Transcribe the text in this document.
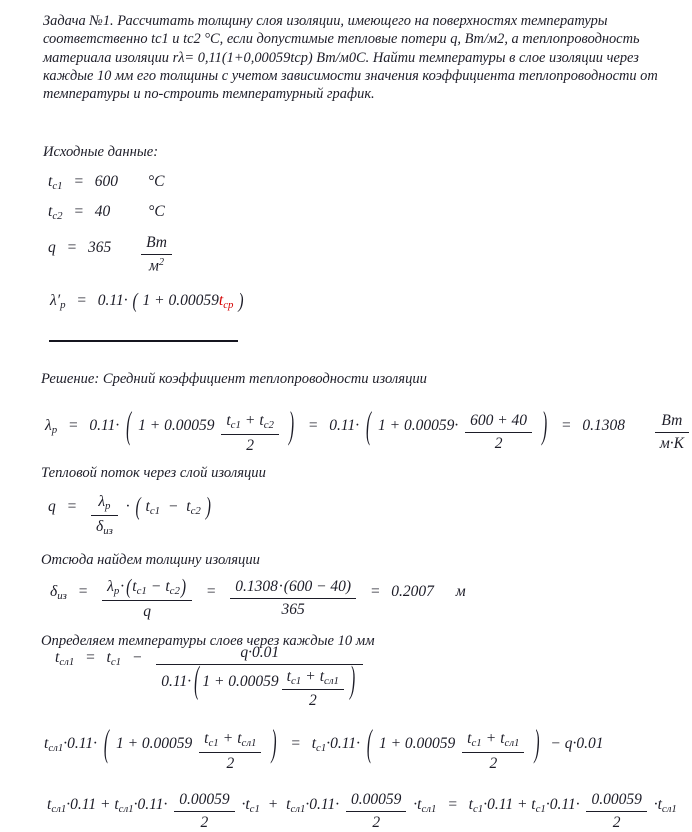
Задача №1. Рассчитать толщину слоя изоляции, имеющего на поверхностях температуры
соответственно tc1 и tc2 °C, если допустимые тепловые потери q, Вт/м2, а теплопроводность
материала изоляции rλ= 0,11(1+0,00059tcp) Вт/м0С. Найти температуры в слое изоляции через
каждые 10 мм его толщины с учетом зависимости значения коэффициента теплопроводности от
температуры и по-строить температурный график.
Исходные данные:
$t_{c1} = 600$ °C
$t_{c2} = 40$ °C
$q = 365 \frac{Вт}{м^2}$
$\lambda'_p = 0.11\cdot$ ( $1 + 0.00059t_{cp}$ )
Решение: Средний коэффициент теплопроводности изоляции
$\lambda_p = 0.11\cdot$ ( $1 + 0.00059 \frac{t_{c1} + t_{c2}}{2}$ ) = 0.11· ( $1 + 0.00059\cdot \frac{600 + 40}{2}$ ) = $0.1308 \frac{Вт}{м\cdot К}$
Тепловой поток через слой изоляции
$q = \frac{\lambda_p}{\delta_{из}}$ · ( $t_{c1} - t_{c2}$ )
Отсюда найдем толщину изоляции
$\delta_{из} = \frac{\lambda_p\cdot (t_{c1} - t_{c2})}{q} = \frac{0.1308\cdot(600 - 40)}{365} = 0.2007$ м
Определяем температуры слоев через каждые 10 мм
$t_{сл1} = t_{c1} - \frac{q\cdot 0.01}{0.11\cdot ( 1 + 0.00059 \frac{t_{c1} + t_{сл1}}{2} )}$
$t_{сл1}\cdot 0.11\cdot$ ( $1 + 0.00059 \frac{t_{c1} + t_{сл1}}{2}$ ) = $t_{c1}\cdot 0.11\cdot$ ( $1 + 0.00059 \frac{t_{c1} + t_{сл1}}{2}$ ) − q·0.01
$t_{сл1}\cdot 0.11 + t_{сл1}\cdot 0.11\cdot \frac{0.00059}{2} \cdot t_{c1} + t_{сл1}\cdot 0.11\cdot \frac{0.00059}{2} \cdot t_{сл1} = t_{c1}\cdot 0.11 + t_{c1}\cdot 0.11\cdot \frac{0.00059}{2} \cdot t_{сл1}$
